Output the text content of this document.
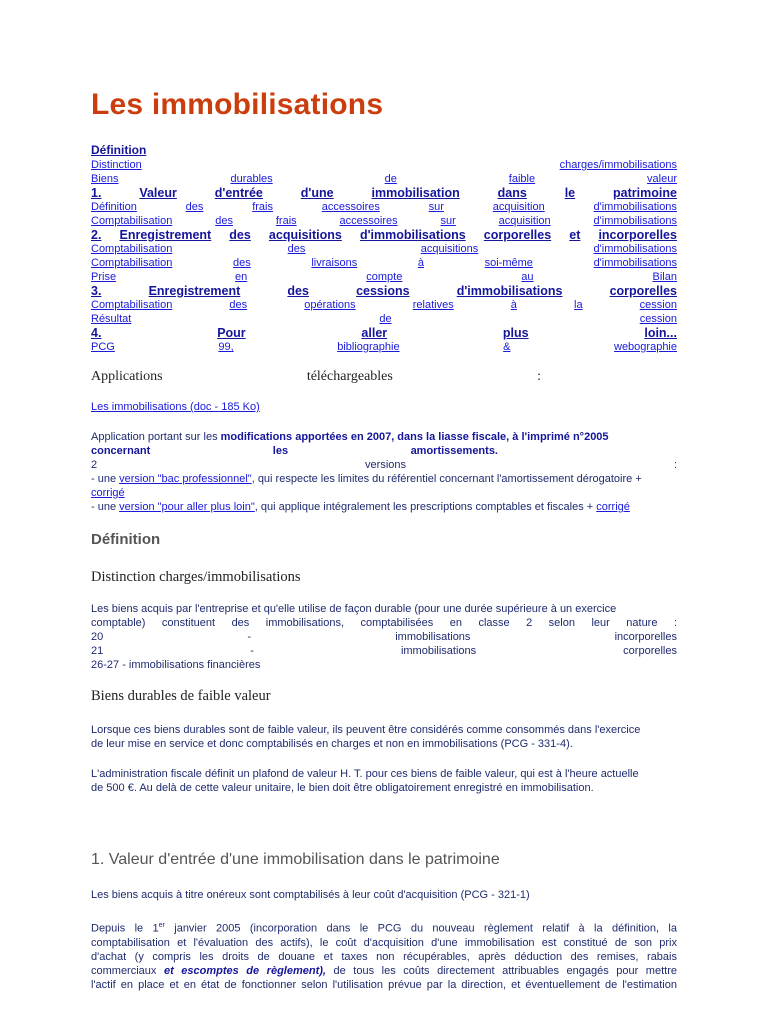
Les immobilisations
Définition
Distinction	charges/immobilisations
Biens	durables	de	faible	valeur
1.	Valeur	d'entrée	d'une	immobilisation	dans	le	patrimoine
Définition	des	frais	accessoires	sur	acquisition	d'immobilisations
Comptabilisation	des	frais	accessoires	sur	acquisition	d'immobilisations
2. Enregistrement des acquisitions d'immobilisations corporelles et incorporelles
Comptabilisation	des	acquisitions	d'immobilisations
Comptabilisation	des	livraisons	à	soi-même	d'immobilisations
Prise	en	compte	au	Bilan
3.	Enregistrement	des	cessions	d'immobilisations	corporelles
Comptabilisation	des	opérations	relatives	à	la	cession
Résultat	de	cession
4.	Pour	aller	plus	loin...
PCG	99,	bibliographie	&	webographie
Applications	téléchargeables	:
Les immobilisations (doc - 185 Ko)
Application portant sur les modifications apportées en 2007, dans la liasse fiscale, à l'imprimé n°2005
concernant	les	amortissements.
2	versions	:
- une version "bac professionnel", qui respecte les limites du référentiel concernant l'amortissement dérogatoire +
corrigé
- une version "pour aller plus loin", qui applique intégralement les prescriptions comptables et fiscales + corrigé
Définition
Distinction charges/immobilisations
Les biens acquis par l'entreprise et qu'elle utilise de façon durable (pour une durée supérieure à un exercice
comptable) constituent des immobilisations, comptabilisées en classe 2 selon leur nature :
20	-	immobilisations	incorporelles
21	-	immobilisations	corporelles
26-27 - immobilisations financières
Biens durables de faible valeur
Lorsque ces biens durables sont de faible valeur, ils peuvent être considérés comme consommés dans l'exercice
de leur mise en service et donc comptabilisés en charges et non en immobilisations (PCG - 331-4).
L'administration fiscale définit un plafond de valeur H. T. pour ces biens de faible valeur, qui est à l'heure actuelle
de 500 €. Au delà de cette valeur unitaire, le bien doit être obligatoirement enregistré en immobilisation.
1. Valeur d'entrée d'une immobilisation dans le patrimoine
Les biens acquis à titre onéreux sont comptabilisés à leur coût d'acquisition (PCG - 321-1)
Depuis le 1er janvier 2005 (incorporation dans le PCG du nouveau règlement relatif à la définition, la
comptabilisation et l'évaluation des actifs), le coût d'acquisition d'une immobilisation est constitué de son prix
d'achat (y compris les droits de douane et taxes non récupérables, après déduction des remises, rabais
commerciaux et escomptes de règlement), de tous les coûts directement attribuables engagés pour mettre
l'actif en place et en état de fonctionner selon l'utilisation prévue par la direction, et éventuellement de l'estimation
